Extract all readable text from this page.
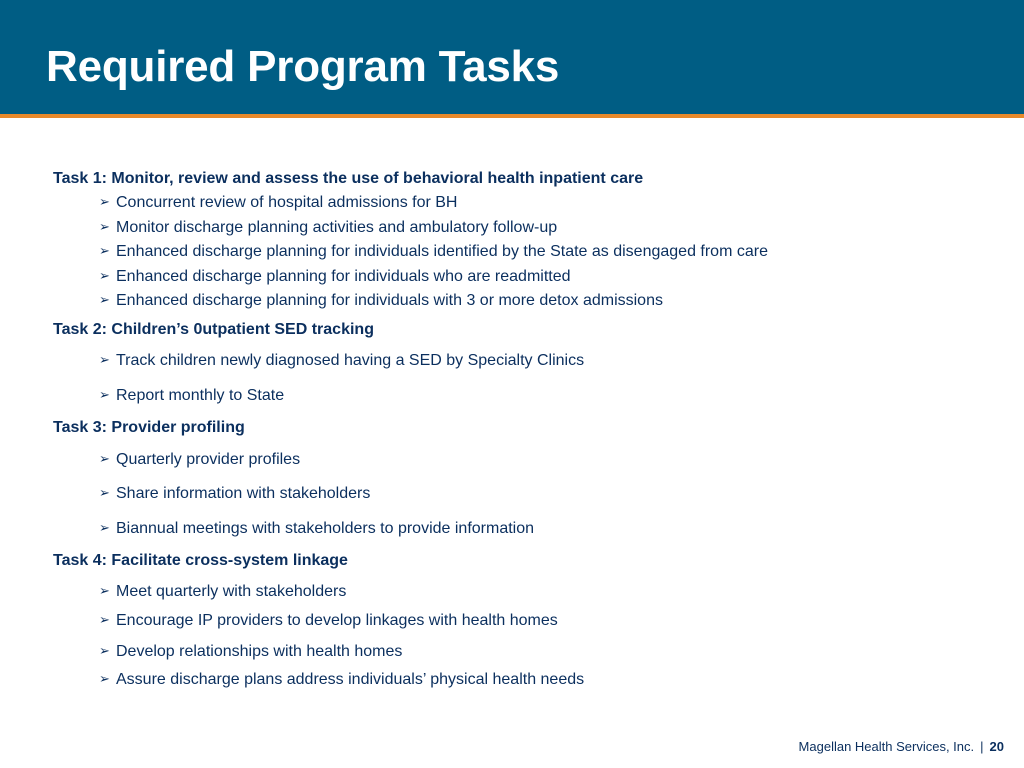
Required Program Tasks
Task 1: Monitor, review and assess the use of behavioral health inpatient care
➢ Concurrent review of hospital admissions for BH
➢ Monitor discharge planning activities and ambulatory follow-up
➢ Enhanced discharge planning for individuals identified by the State as disengaged from care
➢ Enhanced discharge planning for individuals who are readmitted
➢ Enhanced discharge planning for individuals with 3 or more detox admissions
Task 2: Children’s 0utpatient SED tracking
➢ Track children newly diagnosed having a SED by Specialty Clinics
➢ Report monthly to State
Task 3: Provider profiling
➢ Quarterly provider profiles
➢ Share information with stakeholders
➢ Biannual meetings with stakeholders to provide information
Task 4: Facilitate cross-system linkage
➢ Meet quarterly with stakeholders
➢ Encourage IP providers to develop linkages with health homes
➢ Develop relationships with health homes
➢ Assure discharge plans address individuals’ physical health needs
Magellan Health Services, Inc. | 20
